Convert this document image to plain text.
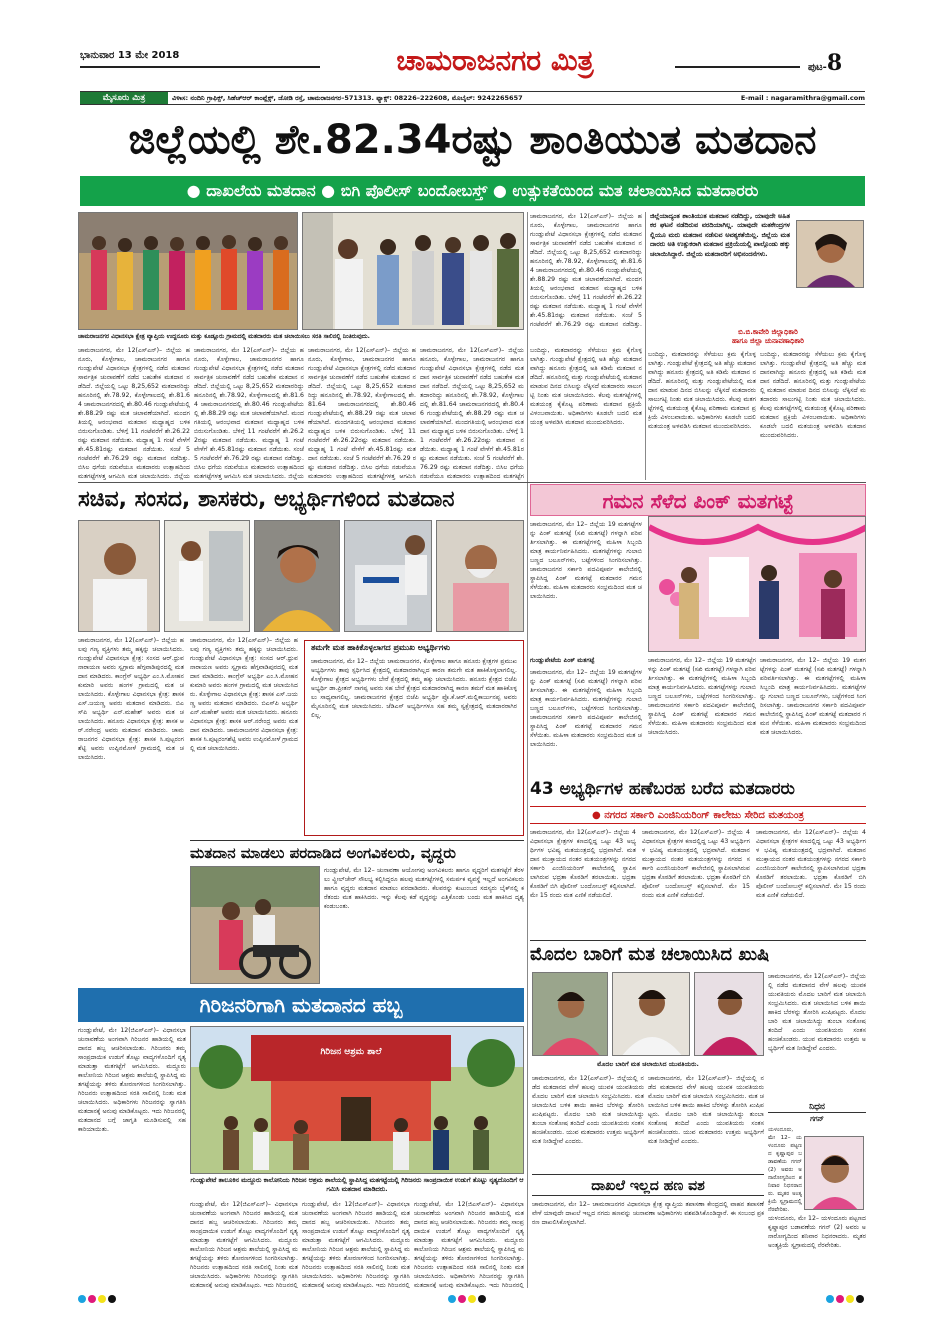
ಭಾನುವಾರ 13 ಮೇ 2018	ಚಾಮರಾಜನಗರ ಮಿತ್ರ	ಪುಟ-8
ಮೈಸೂರು ಮಿತ್ರ	ವಿಳಾಸ: ನಂದಿನಿ ಗ್ರಾಫಿಕ್ಸ್, ಸಿಹೆಚ್‌ಆರ್ ಕಾಂಪ್ಲೆಕ್ಸ್, ಜೋಡಿ ರಸ್ತೆ, ಚಾಮರಾಜನಗರ–571313. ಫ್ಯಾಕ್ಸ್: 08226–222608, ಮೊಬೈಲ್: 9242265657	E-mail : nagaramithra@gmail.com
ಜಿಲ್ಲೆಯಲ್ಲಿ ಶೇ.82.34ರಷ್ಟು ಶಾಂತಿಯುತ ಮತದಾನ
● ದಾಖಲೆಯ ಮತದಾನ ● ಬಿಗಿ ಪೊಲೀಸ್ ಬಂದೋಬಸ್ತ್ ● ಉತ್ಸುಕತೆಯಿಂದ ಮತ ಚಲಾಯಿಸಿದ ಮತದಾರರು
ಚಾಮರಾಜನಗರ ವಿಧಾನಸಭಾ ಕ್ಷೇತ್ರ ವ್ಯಾಪ್ತಿಯ ಉದ್ದನೂರು ಮತ್ತು ಕೂಡ್ಲೂರು ಗ್ರಾಮದಲ್ಲಿ ಮತದಾರರು ಮತ ಚಲಾಯಿಸಲು ಸರತಿ ಸಾಲಿನಲ್ಲಿ ನಿಂತಿರುವುದು.
ಚಾಮರಾಜನಗರ, ಮೇ 12(ಎಸ್‌ಎನ್)– ಜಿಲ್ಲೆಯ ಹನೂರು, ಕೊಳ್ಳೇಗಾಲ, ಚಾಮರಾಜನಗರ ಹಾಗೂ ಗುಂಡ್ಲುಪೇಟೆ ವಿಧಾನಸಭಾ ಕ್ಷೇತ್ರಗಳಲ್ಲಿ ನಡೆದ ಮತದಾನ ಸಾರ್ವತ್ರಿಕ ಚುನಾವಣೆಗೆ ನಡೆದ ಬಹುತೇಕ ಮತದಾನ ನಡೆದಿದೆ. ಜಿಲ್ಲೆಯಲ್ಲಿ ಒಟ್ಟು 8,25,652 ಮತದಾರರಿದ್ದು ಹನೂರಿನಲ್ಲಿ ಶೇ.78.92, ಕೊಳ್ಳೇಗಾಲದಲ್ಲಿ ಶೇ.81.64 ಚಾಮರಾಜನಗರದಲ್ಲಿ ಶೇ.80.46 ಗುಂಡ್ಲುಪೇಟೆಯಲ್ಲಿ ಶೇ.88.29 ರಷ್ಟು ಮತ ಚಲಾವಣೆಯಾಗಿದೆ. ಮಂದಗತಿಯಲ್ಲಿ ಆರಂಭವಾದ ಮತದಾನ ಮಧ್ಯಾಹ್ನದ ಬಳಿಕ ಬಿರುಸುಗೊಂಡಿತು. ಬೆಳಿಗ್ಗೆ 11 ಗಂಟೆವರೆಗೆ ಶೇ.26.22ರಷ್ಟು ಮತದಾನ ನಡೆಯಿತು. ಮಧ್ಯಾಹ್ನ 1 ಗಂಟೆ ವೇಳೆಗೆ ಶೇ.45.81ರಷ್ಟು ಮತದಾನ ನಡೆಯಿತು. ಸಂಜೆ 5 ಗಂಟೆವರೆಗೆ ಶೇ.76.29 ರಷ್ಟು ಮತದಾನ ನಡೆದಿತ್ತು. ಬಿಸಿಲ ಧಗೆಯ ನಡುವೆಯೂ ಮತದಾರರು ಉತ್ಸಾಹದಿಂದ ಮತಗಟ್ಟೆಗಳತ್ತ ಆಗಮಿಸಿ ಮತ ಚಲಾಯಿಸಿದರು. ಜಿಲ್ಲೆಯ
ಚಾಮರಾಜನಗರ, ಮೇ 12(ಎಸ್‌ಎನ್)– ಜಿಲ್ಲೆಯ ಹನೂರು, ಕೊಳ್ಳೇಗಾಲ, ಚಾಮರಾಜನಗರ ಹಾಗೂ ಗುಂಡ್ಲುಪೇಟೆ ವಿಧಾನಸಭಾ ಕ್ಷೇತ್ರಗಳಲ್ಲಿ ನಡೆದ ಮತದಾನ ಸಾರ್ವತ್ರಿಕ ಚುನಾವಣೆಗೆ ನಡೆದ ಬಹುತೇಕ ಮತದಾನ ನಡೆದಿದೆ. ಜಿಲ್ಲೆಯಲ್ಲಿ ಒಟ್ಟು 8,25,652 ಮತದಾರರಿದ್ದು ಹನೂರಿನಲ್ಲಿ ಶೇ.78.92, ಕೊಳ್ಳೇಗಾಲದಲ್ಲಿ ಶೇ.81.64 ಚಾಮರಾಜನಗರದಲ್ಲಿ ಶೇ.80.46 ಗುಂಡ್ಲುಪೇಟೆಯಲ್ಲಿ ಶೇ.88.29 ರಷ್ಟು ಮತ ಚಲಾವಣೆಯಾಗಿದೆ. ಮಂದಗತಿಯಲ್ಲಿ ಆರಂಭವಾದ ಮತದಾನ ಮಧ್ಯಾಹ್ನದ ಬಳಿಕ ಬಿರುಸುಗೊಂಡಿತು. ಬೆಳಿಗ್ಗೆ 11 ಗಂಟೆವರೆಗೆ ಶೇ.26.22ರಷ್ಟು ಮತದಾನ ನಡೆಯಿತು. ಮಧ್ಯಾಹ್ನ 1 ಗಂಟೆ ವೇಳೆಗೆ ಶೇ.45.81ರಷ್ಟು ಮತದಾನ ನಡೆಯಿತು. ಸಂಜೆ 5 ಗಂಟೆವರೆಗೆ ಶೇ.76.29 ರಷ್ಟು ಮತದಾನ ನಡೆದಿತ್ತು. ಬಿಸಿಲ ಧಗೆಯ ನಡುವೆಯೂ ಮತದಾರರು ಉತ್ಸಾಹದಿಂದ ಮತಗಟ್ಟೆಗಳತ್ತ ಆಗಮಿಸಿ ಮತ ಚಲಾಯಿಸಿದರು. ಜಿಲ್ಲೆಯ
ಚಾಮರಾಜನಗರ, ಮೇ 12(ಎಸ್‌ಎನ್)– ಜಿಲ್ಲೆಯ ಹನೂರು, ಕೊಳ್ಳೇಗಾಲ, ಚಾಮರಾಜನಗರ ಹಾಗೂ ಗುಂಡ್ಲುಪೇಟೆ ವಿಧಾನಸಭಾ ಕ್ಷೇತ್ರಗಳಲ್ಲಿ ನಡೆದ ಮತದಾನ ಸಾರ್ವತ್ರಿಕ ಚುನಾವಣೆಗೆ ನಡೆದ ಬಹುತೇಕ ಮತದಾನ ನಡೆದಿದೆ. ಜಿಲ್ಲೆಯಲ್ಲಿ ಒಟ್ಟು 8,25,652 ಮತದಾರರಿದ್ದು ಹನೂರಿನಲ್ಲಿ ಶೇ.78.92, ಕೊಳ್ಳೇಗಾಲದಲ್ಲಿ ಶೇ.81.64 ಚಾಮರಾಜನಗರದಲ್ಲಿ ಶೇ.80.46 ಗುಂಡ್ಲುಪೇಟೆಯಲ್ಲಿ ಶೇ.88.29 ರಷ್ಟು ಮತ ಚಲಾವಣೆಯಾಗಿದೆ. ಮಂದಗತಿಯಲ್ಲಿ ಆರಂಭವಾದ ಮತದಾನ ಮಧ್ಯಾಹ್ನದ ಬಳಿಕ ಬಿರುಸುಗೊಂಡಿತು. ಬೆಳಿಗ್ಗೆ 11 ಗಂಟೆವರೆಗೆ ಶೇ.26.22ರಷ್ಟು ಮತದಾನ ನಡೆಯಿತು. ಮಧ್ಯಾಹ್ನ 1 ಗಂಟೆ ವೇಳೆಗೆ ಶೇ.45.81ರಷ್ಟು ಮತದಾನ ನಡೆಯಿತು. ಸಂಜೆ 5 ಗಂಟೆವರೆಗೆ ಶೇ.76.29 ರಷ್ಟು ಮತದಾನ ನಡೆದಿತ್ತು. ಬಿಸಿಲ ಧಗೆಯ ನಡುವೆಯೂ ಮತದಾರರು ಉತ್ಸಾಹದಿಂದ ಮತಗಟ್ಟೆಗಳತ್ತ ಆಗಮಿಸಿ
ಚಾಮರಾಜನಗರ, ಮೇ 12(ಎಸ್‌ಎನ್)– ಜಿಲ್ಲೆಯ ಹನೂರು, ಕೊಳ್ಳೇಗಾಲ, ಚಾಮರಾಜನಗರ ಹಾಗೂ ಗುಂಡ್ಲುಪೇಟೆ ವಿಧಾನಸಭಾ ಕ್ಷೇತ್ರಗಳಲ್ಲಿ ನಡೆದ ಮತದಾನ ಸಾರ್ವತ್ರಿಕ ಚುನಾವಣೆಗೆ ನಡೆದ ಬಹುತೇಕ ಮತದಾನ ನಡೆದಿದೆ. ಜಿಲ್ಲೆಯಲ್ಲಿ ಒಟ್ಟು 8,25,652 ಮತದಾರರಿದ್ದು ಹನೂರಿನಲ್ಲಿ ಶೇ.78.92, ಕೊಳ್ಳೇಗಾಲದಲ್ಲಿ ಶೇ.81.64 ಚಾಮರಾಜನಗರದಲ್ಲಿ ಶೇ.80.46 ಗುಂಡ್ಲುಪೇಟೆಯಲ್ಲಿ ಶೇ.88.29 ರಷ್ಟು ಮತ ಚಲಾವಣೆಯಾಗಿದೆ. ಮಂದಗತಿಯಲ್ಲಿ ಆರಂಭವಾದ ಮತದಾನ ಮಧ್ಯಾಹ್ನದ ಬಳಿಕ ಬಿರುಸುಗೊಂಡಿತು. ಬೆಳಿಗ್ಗೆ 11 ಗಂಟೆವರೆಗೆ ಶೇ.26.22ರಷ್ಟು ಮತದಾನ ನಡೆಯಿತು. ಮಧ್ಯಾಹ್ನ 1 ಗಂಟೆ ವೇಳೆಗೆ ಶೇ.45.81ರಷ್ಟು ಮತದಾನ ನಡೆಯಿತು. ಸಂಜೆ 5 ಗಂಟೆವರೆಗೆ ಶೇ.76.29 ರಷ್ಟು ಮತದಾನ ನಡೆದಿತ್ತು. ಬಿಸಿಲ ಧಗೆಯ ನಡುವೆಯೂ ಮತದಾರರು ಉತ್ಸಾಹದಿಂದ ಮತಗಟ್ಟೆಗ
ಚಾಮರಾಜನಗರ, ಮೇ 12(ಎಸ್‌ಎನ್)– ಜಿಲ್ಲೆಯ ಹನೂರು, ಕೊಳ್ಳೇಗಾಲ, ಚಾಮರಾಜನಗರ ಹಾಗೂ ಗುಂಡ್ಲುಪೇಟೆ ವಿಧಾನಸಭಾ ಕ್ಷೇತ್ರಗಳಲ್ಲಿ ನಡೆದ ಮತದಾನ ಸಾರ್ವತ್ರಿಕ ಚುನಾವಣೆಗೆ ನಡೆದ ಬಹುತೇಕ ಮತದಾನ ನಡೆದಿದೆ. ಜಿಲ್ಲೆಯಲ್ಲಿ ಒಟ್ಟು 8,25,652 ಮತದಾರರಿದ್ದು ಹನೂರಿನಲ್ಲಿ ಶೇ.78.92, ಕೊಳ್ಳೇಗಾಲದಲ್ಲಿ ಶೇ.81.64 ಚಾಮರಾಜನಗರದಲ್ಲಿ ಶೇ.80.46 ಗುಂಡ್ಲುಪೇಟೆಯಲ್ಲಿ ಶೇ.88.29 ರಷ್ಟು ಮತ ಚಲಾವಣೆಯಾಗಿದೆ. ಮಂದಗತಿಯಲ್ಲಿ ಆರಂಭವಾದ ಮತದಾನ ಮಧ್ಯಾಹ್ನದ ಬಳಿಕ ಬಿರುಸುಗೊಂಡಿತು. ಬೆಳಿಗ್ಗೆ 11 ಗಂಟೆವರೆಗೆ ಶೇ.26.22ರಷ್ಟು ಮತದಾನ ನಡೆಯಿತು. ಮಧ್ಯಾಹ್ನ 1 ಗಂಟೆ ವೇಳೆಗೆ ಶೇ.45.81ರಷ್ಟು ಮತದಾನ ನಡೆಯಿತು. ಸಂಜೆ 5 ಗಂಟೆವರೆಗೆ ಶೇ.76.29 ರಷ್ಟು ಮತದಾನ ನಡೆದಿತ್ತು.
ಜಿಲ್ಲೆಯಾದ್ಯಂತ ಶಾಂತಿಯುತ ಮತದಾನ ನಡೆದಿದ್ದು, ಯಾವುದೇ ಅಹಿತಕರ ಘಟನೆ ನಡೆದಿರುವ ವರದಿಯಾಗಿಲ್ಲ. ಯಾವುದೇ ಮತಕೇಂದ್ರಗಳಲ್ಲಿಯೂ ಮರು ಮತದಾನ ನಡೆಸುವ ಅವಶ್ಯಕತೆಯಿಲ್ಲ. ಜಿಲ್ಲೆಯ ಮತದಾರರು ಅತಿ ಉತ್ಸುಕರಾಗಿ ಮತದಾನ ಪ್ರಕ್ರಿಯೆಯಲ್ಲಿ ಪಾಲ್ಗೊಂಡು ಹಕ್ಕು ಚಲಾಯಿಸಿದ್ದಾರೆ. ಜಿಲ್ಲೆಯ ಮತದಾರರಿಗೆ ಅಭಿನಂದನೆಗಳು.
ಬಿ.ಬಿ.ಕಾವೇರಿ ಜಿಲ್ಲಾಧಿಕಾರಿ
ಹಾಗೂ ಜಿಲ್ಲಾ ಚುನಾವಣಾಧಿಕಾರಿ
ಬಂದಿದ್ದು, ಮತದಾರರನ್ನು ಸೆಳೆಯಲು ಕ್ರಮ ಕೈಗೊಳ್ಳಲಾಗಿತ್ತು. ಗುಂಡ್ಲುಪೇಟೆ ಕ್ಷೇತ್ರದಲ್ಲಿ ಅತಿ ಹೆಚ್ಚು ಮತದಾನವಾಗಿದ್ದು ಹನೂರು ಕ್ಷೇತ್ರದಲ್ಲಿ ಅತಿ ಕಡಿಮೆ ಮತದಾನ ನಡೆದಿದೆ. ಹನೂರಿನಲ್ಲಿ ಮತ್ತು ಗುಂಡ್ಲುಪೇಟೆಯಲ್ಲಿ ಮತದಾನ ಮಾಡುವ ದಿನದ ಬಿಸಿಲನ್ನು ಲೆಕ್ಕಿಸದೆ ಮತದಾರರು ಸಾಲುಗಟ್ಟಿ ನಿಂತು ಮತ ಚಲಾಯಿಸಿದರು. ಕೆಲವು ಮತಗಟ್ಟೆಗಳಲ್ಲಿ ಮತಯಂತ್ರ ಕೈಕೊಟ್ಟ ಪರಿಣಾಮ ಮತದಾನ ಪ್ರಕ್ರಿಯೆ ವಿಳಂಬವಾಯಿತು. ಅಧಿಕಾರಿಗಳು ಕೂಡಲೇ ಬದಲಿ ಮತಯಂತ್ರ ಅಳವಡಿಸಿ ಮತದಾನ ಮುಂದುವರಿಸಿದರು.
ಬಂದಿದ್ದು, ಮತದಾರರನ್ನು ಸೆಳೆಯಲು ಕ್ರಮ ಕೈಗೊಳ್ಳಲಾಗಿತ್ತು. ಗುಂಡ್ಲುಪೇಟೆ ಕ್ಷೇತ್ರದಲ್ಲಿ ಅತಿ ಹೆಚ್ಚು ಮತದಾನವಾಗಿದ್ದು ಹನೂರು ಕ್ಷೇತ್ರದಲ್ಲಿ ಅತಿ ಕಡಿಮೆ ಮತದಾನ ನಡೆದಿದೆ. ಹನೂರಿನಲ್ಲಿ ಮತ್ತು ಗುಂಡ್ಲುಪೇಟೆಯಲ್ಲಿ ಮತದಾನ ಮಾಡುವ ದಿನದ ಬಿಸಿಲನ್ನು ಲೆಕ್ಕಿಸದೆ ಮತದಾರರು ಸಾಲುಗಟ್ಟಿ ನಿಂತು ಮತ ಚಲಾಯಿಸಿದರು. ಕೆಲವು ಮತಗಟ್ಟೆಗಳಲ್ಲಿ ಮತಯಂತ್ರ ಕೈಕೊಟ್ಟ ಪರಿಣಾಮ ಮತದಾನ ಪ್ರಕ್ರಿಯೆ ವಿಳಂಬವಾಯಿತು. ಅಧಿಕಾರಿಗಳು ಕೂಡಲೇ ಬದಲಿ ಮತಯಂತ್ರ ಅಳವಡಿಸಿ ಮತದಾನ ಮುಂದುವರಿಸಿದರು.
ಬಂದಿದ್ದು, ಮತದಾರರನ್ನು ಸೆಳೆಯಲು ಕ್ರಮ ಕೈಗೊಳ್ಳಲಾಗಿತ್ತು. ಗುಂಡ್ಲುಪೇಟೆ ಕ್ಷೇತ್ರದಲ್ಲಿ ಅತಿ ಹೆಚ್ಚು ಮತದಾನವಾಗಿದ್ದು ಹನೂರು ಕ್ಷೇತ್ರದಲ್ಲಿ ಅತಿ ಕಡಿಮೆ ಮತದಾನ ನಡೆದಿದೆ. ಹನೂರಿನಲ್ಲಿ ಮತ್ತು ಗುಂಡ್ಲುಪೇಟೆಯಲ್ಲಿ ಮತದಾನ ಮಾಡುವ ದಿನದ ಬಿಸಿಲನ್ನು ಲೆಕ್ಕಿಸದೆ ಮತದಾರರು ಸಾಲುಗಟ್ಟಿ ನಿಂತು ಮತ ಚಲಾಯಿಸಿದರು. ಕೆಲವು ಮತಗಟ್ಟೆಗಳಲ್ಲಿ ಮತಯಂತ್ರ ಕೈಕೊಟ್ಟ ಪರಿಣಾಮ ಮತದಾನ ಪ್ರಕ್ರಿಯೆ ವಿಳಂಬವಾಯಿತು. ಅಧಿಕಾರಿಗಳು ಕೂಡಲೇ ಬದಲಿ ಮತಯಂತ್ರ ಅಳವಡಿಸಿ ಮತದಾನ ಮುಂದುವರಿಸಿದರು.
ಸಚಿವ, ಸಂಸದ, ಶಾಸಕರು, ಅಭ್ಯರ್ಥಿಗಳಿಂದ ಮತದಾನ
ಚಾಮರಾಜನಗರ, ಮೇ 12(ಎಸ್‌ಎನ್)– ಜಿಲ್ಲೆಯ ಹಲವು ಗಣ್ಯ ವ್ಯಕ್ತಿಗಳು ತಮ್ಮ ಹಕ್ಕನ್ನು ಚಲಾಯಿಸಿದರು. ಗುಂಡ್ಲುಪೇಟೆ ವಿಧಾನಸಭಾ ಕ್ಷೇತ್ರ: ಸಂಸದ ಆರ್.ಧ್ರುವನಾರಾಯಣ ಅವರು ಸ್ವಗ್ರಾಮ ಹೆಗ್ಗವಾಡಿಪುರದಲ್ಲಿ ಮತದಾನ ಮಾಡಿದರು. ಕಾಂಗ್ರೆಸ್ ಅಭ್ಯರ್ಥಿ ಎಂ.ಸಿ.ಮೋಹನಕುಮಾರಿ ಅವರು ಹಂಗಳ ಗ್ರಾಮದಲ್ಲಿ ಮತ ಚಲಾಯಿಸಿದರು. ಕೊಳ್ಳೇಗಾಲ ವಿಧಾನಸಭಾ ಕ್ಷೇತ್ರ: ಶಾಸಕ ಎಸ್.ಜಯಣ್ಣ ಅವರು ಮತದಾನ ಮಾಡಿದರು. ಬಿಎಸ್‌ಪಿ ಅಭ್ಯರ್ಥಿ ಎನ್.ಮಹೇಶ್ ಅವರು ಮತ ಚಲಾಯಿಸಿದರು. ಹನೂರು ವಿಧಾನಸಭಾ ಕ್ಷೇತ್ರ: ಶಾಸಕ ಆರ್.ನರೇಂದ್ರ ಅವರು ಮತದಾನ ಮಾಡಿದರು. ಚಾಮರಾಜನಗರ ವಿಧಾನಸಭಾ ಕ್ಷೇತ್ರ: ಶಾಸಕ ಸಿ.ಪುಟ್ಟರಂಗಶೆಟ್ಟಿ ಅವರು ಉಪ್ಪಿನಮೋಳೆ ಗ್ರಾಮದಲ್ಲಿ ಮತ ಚಲಾಯಿಸಿದರು.
ಚಾಮರಾಜನಗರ, ಮೇ 12(ಎಸ್‌ಎನ್)– ಜಿಲ್ಲೆಯ ಹಲವು ಗಣ್ಯ ವ್ಯಕ್ತಿಗಳು ತಮ್ಮ ಹಕ್ಕನ್ನು ಚಲಾಯಿಸಿದರು. ಗುಂಡ್ಲುಪೇಟೆ ವಿಧಾನಸಭಾ ಕ್ಷೇತ್ರ: ಸಂಸದ ಆರ್.ಧ್ರುವನಾರಾಯಣ ಅವರು ಸ್ವಗ್ರಾಮ ಹೆಗ್ಗವಾಡಿಪುರದಲ್ಲಿ ಮತದಾನ ಮಾಡಿದರು. ಕಾಂಗ್ರೆಸ್ ಅಭ್ಯರ್ಥಿ ಎಂ.ಸಿ.ಮೋಹನಕುಮಾರಿ ಅವರು ಹಂಗಳ ಗ್ರಾಮದಲ್ಲಿ ಮತ ಚಲಾಯಿಸಿದರು. ಕೊಳ್ಳೇಗಾಲ ವಿಧಾನಸಭಾ ಕ್ಷೇತ್ರ: ಶಾಸಕ ಎಸ್.ಜಯಣ್ಣ ಅವರು ಮತದಾನ ಮಾಡಿದರು. ಬಿಎಸ್‌ಪಿ ಅಭ್ಯರ್ಥಿ ಎನ್.ಮಹೇಶ್ ಅವರು ಮತ ಚಲಾಯಿಸಿದರು. ಹನೂರು ವಿಧಾನಸಭಾ ಕ್ಷೇತ್ರ: ಶಾಸಕ ಆರ್.ನರೇಂದ್ರ ಅವರು ಮತದಾನ ಮಾಡಿದರು. ಚಾಮರಾಜನಗರ ವಿಧಾನಸಭಾ ಕ್ಷೇತ್ರ: ಶಾಸಕ ಸಿ.ಪುಟ್ಟರಂಗಶೆಟ್ಟಿ ಅವರು ಉಪ್ಪಿನಮೋಳೆ ಗ್ರಾಮದಲ್ಲಿ ಮತ ಚಲಾಯಿಸಿದರು.
ತಮಗೇ ಮತ ಹಾಕಿಕೊಳ್ಳಲಾಗದ ಪ್ರಮುಖ ಅಭ್ಯರ್ಥಿಗಳು
ಚಾಮರಾಜನಗರ, ಮೇ 12– ಜಿಲ್ಲೆಯ ಚಾಮರಾಜನಗರ, ಕೊಳ್ಳೇಗಾಲ ಹಾಗೂ ಹನೂರು ಕ್ಷೇತ್ರಗಳ ಪ್ರಮುಖ ಅಭ್ಯರ್ಥಿಗಳು ತಾವು ಸ್ಪರ್ಧಿಸಿದ ಕ್ಷೇತ್ರದಲ್ಲಿ ಮತದಾರರಾಗಿಲ್ಲದ ಕಾರಣ ತಮಗೇ ಮತ ಹಾಕಿಕೊಳ್ಳಲಾಗಲಿಲ್ಲ. ಕೊಳ್ಳೇಗಾಲ ಕ್ಷೇತ್ರದ ಅಭ್ಯರ್ಥಿಗಳು ಬೇರೆ ಕ್ಷೇತ್ರದಲ್ಲಿ ತಮ್ಮ ಹಕ್ಕು ಚಲಾಯಿಸಿದರು. ಹನೂರು ಕ್ಷೇತ್ರದ ಬಿಜೆಪಿ ಅಭ್ಯರ್ಥಿ ಡಾ.ಪ್ರೀತನ್ ನಾಗಪ್ಪ ಅವರು ಸಹ ಬೇರೆ ಕ್ಷೇತ್ರದ ಮತದಾರರಾಗಿದ್ದ ಕಾರಣ ತಮಗೆ ಮತ ಹಾಕಿಕೊಳ್ಳಲು ಸಾಧ್ಯವಾಗಲಿಲ್ಲ. ಚಾಮರಾಜನಗರ ಕ್ಷೇತ್ರದ ಬಿಜೆಪಿ ಅಭ್ಯರ್ಥಿ ಪ್ರೊ.ಕೆ.ಆರ್.ಮಲ್ಲಿಕಾರ್ಜುನಪ್ಪ ಅವರು ಮೈಸೂರಿನಲ್ಲಿ ಮತ ಚಲಾಯಿಸಿದರು. ಜೆಡಿಎಸ್ ಅಭ್ಯರ್ಥಿಗಳೂ ಸಹ ತಮ್ಮ ಸ್ವಕ್ಷೇತ್ರದಲ್ಲಿ ಮತದಾರರಾಗಿರಲಿಲ್ಲ.
ಗಮನ ಸೆಳೆದ ಪಿಂಕ್ ಮತಗಟ್ಟೆ
ಚಾಮರಾಜನಗರ, ಮೇ 12– ಜಿಲ್ಲೆಯ 19 ಮತಗಟ್ಟೆಗಳನ್ನು ಪಿಂಕ್ ಮತಗಟ್ಟೆ (ಸಖಿ ಮತಗಟ್ಟೆ) ಗಳನ್ನಾಗಿ ಪರಿವರ್ತಿಸಲಾಗಿತ್ತು. ಈ ಮತಗಟ್ಟೆಗಳಲ್ಲಿ ಮಹಿಳಾ ಸಿಬ್ಬಂದಿ ಮಾತ್ರ ಕಾರ್ಯನಿರ್ವಹಿಸಿದರು. ಮತಗಟ್ಟೆಗಳನ್ನು ಗುಲಾಬಿ ಬಣ್ಣದ ಬಲೂನ್‌ಗಳು, ಬಟ್ಟೆಗಳಿಂದ ಸಿಂಗರಿಸಲಾಗಿತ್ತು. ಚಾಮರಾಜನಗರ ಸರ್ಕಾರಿ ಪದವಿಪೂರ್ವ ಕಾಲೇಜಿನಲ್ಲಿ ಸ್ಥಾಪಿಸಿದ್ದ ಪಿಂಕ್ ಮತಗಟ್ಟೆ ಮತದಾರರ ಗಮನ ಸೆಳೆಯಿತು. ಮಹಿಳಾ ಮತದಾರರು ಸಂಭ್ರಮದಿಂದ ಮತ ಚಲಾಯಿಸಿದರು.
ಗುಂಡ್ಲುಪೇಟೆಯ ಪಿಂಕ್ ಮತಗಟ್ಟೆ
ಚಾಮರಾಜನಗರ, ಮೇ 12– ಜಿಲ್ಲೆಯ 19 ಮತಗಟ್ಟೆಗಳನ್ನು ಪಿಂಕ್ ಮತಗಟ್ಟೆ (ಸಖಿ ಮತಗಟ್ಟೆ) ಗಳನ್ನಾಗಿ ಪರಿವರ್ತಿಸಲಾಗಿತ್ತು. ಈ ಮತಗಟ್ಟೆಗಳಲ್ಲಿ ಮಹಿಳಾ ಸಿಬ್ಬಂದಿ ಮಾತ್ರ ಕಾರ್ಯನಿರ್ವಹಿಸಿದರು. ಮತಗಟ್ಟೆಗಳನ್ನು ಗುಲಾಬಿ ಬಣ್ಣದ ಬಲೂನ್‌ಗಳು, ಬಟ್ಟೆಗಳಿಂದ ಸಿಂಗರಿಸಲಾಗಿತ್ತು. ಚಾಮರಾಜನಗರ ಸರ್ಕಾರಿ ಪದವಿಪೂರ್ವ ಕಾಲೇಜಿನಲ್ಲಿ ಸ್ಥಾಪಿಸಿದ್ದ ಪಿಂಕ್ ಮತಗಟ್ಟೆ ಮತದಾರರ ಗಮನ ಸೆಳೆಯಿತು. ಮಹಿಳಾ ಮತದಾರರು ಸಂಭ್ರಮದಿಂದ ಮತ ಚಲಾಯಿಸಿದರು.
ಚಾಮರಾಜನಗರ, ಮೇ 12– ಜಿಲ್ಲೆಯ 19 ಮತಗಟ್ಟೆಗಳನ್ನು ಪಿಂಕ್ ಮತಗಟ್ಟೆ (ಸಖಿ ಮತಗಟ್ಟೆ) ಗಳನ್ನಾಗಿ ಪರಿವರ್ತಿಸಲಾಗಿತ್ತು. ಈ ಮತಗಟ್ಟೆಗಳಲ್ಲಿ ಮಹಿಳಾ ಸಿಬ್ಬಂದಿ ಮಾತ್ರ ಕಾರ್ಯನಿರ್ವಹಿಸಿದರು. ಮತಗಟ್ಟೆಗಳನ್ನು ಗುಲಾಬಿ ಬಣ್ಣದ ಬಲೂನ್‌ಗಳು, ಬಟ್ಟೆಗಳಿಂದ ಸಿಂಗರಿಸಲಾಗಿತ್ತು. ಚಾಮರಾಜನಗರ ಸರ್ಕಾರಿ ಪದವಿಪೂರ್ವ ಕಾಲೇಜಿನಲ್ಲಿ ಸ್ಥಾಪಿಸಿದ್ದ ಪಿಂಕ್ ಮತಗಟ್ಟೆ ಮತದಾರರ ಗಮನ ಸೆಳೆಯಿತು. ಮಹಿಳಾ ಮತದಾರರು ಸಂಭ್ರಮದಿಂದ ಮತ ಚಲಾಯಿಸಿದರು.
ಚಾಮರಾಜನಗರ, ಮೇ 12– ಜಿಲ್ಲೆಯ 19 ಮತಗಟ್ಟೆಗಳನ್ನು ಪಿಂಕ್ ಮತಗಟ್ಟೆ (ಸಖಿ ಮತಗಟ್ಟೆ) ಗಳನ್ನಾಗಿ ಪರಿವರ್ತಿಸಲಾಗಿತ್ತು. ಈ ಮತಗಟ್ಟೆಗಳಲ್ಲಿ ಮಹಿಳಾ ಸಿಬ್ಬಂದಿ ಮಾತ್ರ ಕಾರ್ಯನಿರ್ವಹಿಸಿದರು. ಮತಗಟ್ಟೆಗಳನ್ನು ಗುಲಾಬಿ ಬಣ್ಣದ ಬಲೂನ್‌ಗಳು, ಬಟ್ಟೆಗಳಿಂದ ಸಿಂಗರಿಸಲಾಗಿತ್ತು. ಚಾಮರಾಜನಗರ ಸರ್ಕಾರಿ ಪದವಿಪೂರ್ವ ಕಾಲೇಜಿನಲ್ಲಿ ಸ್ಥಾಪಿಸಿದ್ದ ಪಿಂಕ್ ಮತಗಟ್ಟೆ ಮತದಾರರ ಗಮನ ಸೆಳೆಯಿತು. ಮಹಿಳಾ ಮತದಾರರು ಸಂಭ್ರಮದಿಂದ ಮತ ಚಲಾಯಿಸಿದರು.
43 ಅಭ್ಯರ್ಥಿಗಳ ಹಣೆಬರಹ ಬರೆದ ಮತದಾರರು
● ನಗರದ ಸರ್ಕಾರಿ ಎಂಜಿನಿಯರಿಂಗ್ ಕಾಲೇಜು ಸೇರಿದ ಮತಯಂತ್ರ
ಚಾಮರಾಜನಗರ, ಮೇ 12(ಎಸ್‌ಎನ್)– ಜಿಲ್ಲೆಯ 4 ವಿಧಾನಸಭಾ ಕ್ಷೇತ್ರಗಳ ಕಣದಲ್ಲಿದ್ದ ಒಟ್ಟು 43 ಅಭ್ಯರ್ಥಿಗಳ ಭವಿಷ್ಯ ಮತಯಂತ್ರದಲ್ಲಿ ಭದ್ರವಾಗಿದೆ. ಮತದಾನ ಮುಕ್ತಾಯದ ನಂತರ ಮತಯಂತ್ರಗಳನ್ನು ನಗರದ ಸರ್ಕಾರಿ ಎಂಜಿನಿಯರಿಂಗ್ ಕಾಲೇಜಿನಲ್ಲಿ ಸ್ಥಾಪಿಸಲಾಗಿರುವ ಭದ್ರತಾ ಕೊಠಡಿಗೆ ತರಲಾಯಿತು. ಭದ್ರತಾ ಕೊಠಡಿಗೆ ಬಿಗಿ ಪೊಲೀಸ್ ಬಂದೋಬಸ್ತ್ ಕಲ್ಪಿಸಲಾಗಿದೆ. ಮೇ 15 ರಂದು ಮತ ಎಣಿಕೆ ನಡೆಯಲಿದೆ.
ಚಾಮರಾಜನಗರ, ಮೇ 12(ಎಸ್‌ಎನ್)– ಜಿಲ್ಲೆಯ 4 ವಿಧಾನಸಭಾ ಕ್ಷೇತ್ರಗಳ ಕಣದಲ್ಲಿದ್ದ ಒಟ್ಟು 43 ಅಭ್ಯರ್ಥಿಗಳ ಭವಿಷ್ಯ ಮತಯಂತ್ರದಲ್ಲಿ ಭದ್ರವಾಗಿದೆ. ಮತದಾನ ಮುಕ್ತಾಯದ ನಂತರ ಮತಯಂತ್ರಗಳನ್ನು ನಗರದ ಸರ್ಕಾರಿ ಎಂಜಿನಿಯರಿಂಗ್ ಕಾಲೇಜಿನಲ್ಲಿ ಸ್ಥಾಪಿಸಲಾಗಿರುವ ಭದ್ರತಾ ಕೊಠಡಿಗೆ ತರಲಾಯಿತು. ಭದ್ರತಾ ಕೊಠಡಿಗೆ ಬಿಗಿ ಪೊಲೀಸ್ ಬಂದೋಬಸ್ತ್ ಕಲ್ಪಿಸಲಾಗಿದೆ. ಮೇ 15 ರಂದು ಮತ ಎಣಿಕೆ ನಡೆಯಲಿದೆ.
ಚಾಮರಾಜನಗರ, ಮೇ 12(ಎಸ್‌ಎನ್)– ಜಿಲ್ಲೆಯ 4 ವಿಧಾನಸಭಾ ಕ್ಷೇತ್ರಗಳ ಕಣದಲ್ಲಿದ್ದ ಒಟ್ಟು 43 ಅಭ್ಯರ್ಥಿಗಳ ಭವಿಷ್ಯ ಮತಯಂತ್ರದಲ್ಲಿ ಭದ್ರವಾಗಿದೆ. ಮತದಾನ ಮುಕ್ತಾಯದ ನಂತರ ಮತಯಂತ್ರಗಳನ್ನು ನಗರದ ಸರ್ಕಾರಿ ಎಂಜಿನಿಯರಿಂಗ್ ಕಾಲೇಜಿನಲ್ಲಿ ಸ್ಥಾಪಿಸಲಾಗಿರುವ ಭದ್ರತಾ ಕೊಠಡಿಗೆ ತರಲಾಯಿತು. ಭದ್ರತಾ ಕೊಠಡಿಗೆ ಬಿಗಿ ಪೊಲೀಸ್ ಬಂದೋಬಸ್ತ್ ಕಲ್ಪಿಸಲಾಗಿದೆ. ಮೇ 15 ರಂದು ಮತ ಎಣಿಕೆ ನಡೆಯಲಿದೆ.
ಮತದಾನ ಮಾಡಲು ಪರದಾಡಿದ ಅಂಗವಿಕಲರು, ವೃದ್ಧರು
ಗುಂಡ್ಲುಪೇಟೆ, ಮೇ 12– ಚುನಾವಣಾ ಆಯೋಗವು ಅಂಗವಿಕಲರು ಹಾಗೂ ವೃದ್ಧರಿಗೆ ಮತಗಟ್ಟೆಗೆ ತೆರಳಲು ವ್ಹೀಲ್‌ಚೇರ್ ಸೌಲಭ್ಯ ಕಲ್ಪಿಸಿದ್ದರೂ ಹಲವು ಮತಗಟ್ಟೆಗಳಲ್ಲಿ ಸಮರ್ಪಕ ವ್ಯವಸ್ಥೆ ಇಲ್ಲದೆ ಅಂಗವಿಕಲರು ಹಾಗೂ ವೃದ್ಧರು ಮತದಾನ ಮಾಡಲು ಪರದಾಡಿದರು. ಕೆಲವರನ್ನು ಕುಟುಂಬದ ಸದಸ್ಯರು ಬೈಕ್‌ನಲ್ಲಿ ಕರೆತಂದು ಮತ ಹಾಕಿಸಿದರು. ಇನ್ನು ಕೆಲವು ಕಡೆ ವೃದ್ಧರನ್ನು ಎತ್ತಿಕೊಂಡು ಬಂದು ಮತ ಹಾಕಿಸಿದ ದೃಶ್ಯ ಕಂಡುಬಂತು.
ಗಿರಿಜನರಿಗಾಗಿ ಮತದಾನದ ಹಬ್ಬ
ಗುಂಡ್ಲುಪೇಟೆ, ಮೇ 12(ಜಿಎಸ್‌ಎನ್)– ವಿಧಾನಸಭಾ ಚುನಾವಣೆಯ ಅಂಗವಾಗಿ ಗಿರಿಜನರ ಹಾಡಿಯಲ್ಲಿ ಮತದಾನದ ಹಬ್ಬ ಆಚರಿಸಲಾಯಿತು. ಗಿರಿಜನರು ತಮ್ಮ ಸಾಂಪ್ರದಾಯಿಕ ಉಡುಗೆ ತೊಟ್ಟು ವಾದ್ಯಗಳೊಂದಿಗೆ ನೃತ್ಯ ಮಾಡುತ್ತಾ ಮತಗಟ್ಟೆಗೆ ಆಗಮಿಸಿದರು. ಮದ್ದೂರು ಕಾಲೋನಿಯ ಗಿರಿಜನ ಆಶ್ರಮ ಶಾಲೆಯಲ್ಲಿ ಸ್ಥಾಪಿಸಿದ್ದ ಮತಗಟ್ಟೆಯನ್ನು ತಳಿರು ತೋರಣಗಳಿಂದ ಸಿಂಗರಿಸಲಾಗಿತ್ತು. ಗಿರಿಜನರು ಉತ್ಸಾಹದಿಂದ ಸರತಿ ಸಾಲಿನಲ್ಲಿ ನಿಂತು ಮತ ಚಲಾಯಿಸಿದರು. ಅಧಿಕಾರಿಗಳು ಗಿರಿಜನರನ್ನು ಸ್ವಾಗತಿಸಿ ಮತದಾನಕ್ಕೆ ಅನುವು ಮಾಡಿಕೊಟ್ಟರು. ಇದು ಗಿರಿಜನರಲ್ಲಿ ಮತದಾನದ ಬಗ್ಗೆ ಜಾಗೃತಿ ಮೂಡಿಸುವಲ್ಲಿ ಸಹಕಾರಿಯಾಯಿತು.
ಗಿರಿಜನ ಆಶ್ರಮ ಶಾಲೆ
ಗುಂಡ್ಲುಪೇಟೆ ತಾಲೂಕಿನ ಮದ್ದೂರು ಕಾಲೋನಿಯ ಗಿರಿಜನ ಆಶ್ರಮ ಶಾಲೆಯಲ್ಲಿ ಸ್ಥಾಪಿಸಿದ್ದ ಮತಗಟ್ಟೆಯಲ್ಲಿ ಗಿರಿಜನರು ಸಾಂಪ್ರದಾಯಿಕ ಉಡುಗೆ ತೊಟ್ಟು ನೃತ್ಯದೊಂದಿಗೆ ಆಗಮಿಸಿ ಮತದಾನ ಮಾಡಿದರು.
ಗುಂಡ್ಲುಪೇಟೆ, ಮೇ 12(ಜಿಎಸ್‌ಎನ್)– ವಿಧಾನಸಭಾ ಚುನಾವಣೆಯ ಅಂಗವಾಗಿ ಗಿರಿಜನರ ಹಾಡಿಯಲ್ಲಿ ಮತದಾನದ ಹಬ್ಬ ಆಚರಿಸಲಾಯಿತು. ಗಿರಿಜನರು ತಮ್ಮ ಸಾಂಪ್ರದಾಯಿಕ ಉಡುಗೆ ತೊಟ್ಟು ವಾದ್ಯಗಳೊಂದಿಗೆ ನೃತ್ಯ ಮಾಡುತ್ತಾ ಮತಗಟ್ಟೆಗೆ ಆಗಮಿಸಿದರು. ಮದ್ದೂರು ಕಾಲೋನಿಯ ಗಿರಿಜನ ಆಶ್ರಮ ಶಾಲೆಯಲ್ಲಿ ಸ್ಥಾಪಿಸಿದ್ದ ಮತಗಟ್ಟೆಯನ್ನು ತಳಿರು ತೋರಣಗಳಿಂದ ಸಿಂಗರಿಸಲಾಗಿತ್ತು. ಗಿರಿಜನರು ಉತ್ಸಾಹದಿಂದ ಸರತಿ ಸಾಲಿನಲ್ಲಿ ನಿಂತು ಮತ ಚಲಾಯಿಸಿದರು. ಅಧಿಕಾರಿಗಳು ಗಿರಿಜನರನ್ನು ಸ್ವಾಗತಿಸಿ ಮತದಾನಕ್ಕೆ ಅನುವು ಮಾಡಿಕೊಟ್ಟರು. ಇದು ಗಿರಿಜನರಲ್ಲಿ
ಗುಂಡ್ಲುಪೇಟೆ, ಮೇ 12(ಜಿಎಸ್‌ಎನ್)– ವಿಧಾನಸಭಾ ಚುನಾವಣೆಯ ಅಂಗವಾಗಿ ಗಿರಿಜನರ ಹಾಡಿಯಲ್ಲಿ ಮತದಾನದ ಹಬ್ಬ ಆಚರಿಸಲಾಯಿತು. ಗಿರಿಜನರು ತಮ್ಮ ಸಾಂಪ್ರದಾಯಿಕ ಉಡುಗೆ ತೊಟ್ಟು ವಾದ್ಯಗಳೊಂದಿಗೆ ನೃತ್ಯ ಮಾಡುತ್ತಾ ಮತಗಟ್ಟೆಗೆ ಆಗಮಿಸಿದರು. ಮದ್ದೂರು ಕಾಲೋನಿಯ ಗಿರಿಜನ ಆಶ್ರಮ ಶಾಲೆಯಲ್ಲಿ ಸ್ಥಾಪಿಸಿದ್ದ ಮತಗಟ್ಟೆಯನ್ನು ತಳಿರು ತೋರಣಗಳಿಂದ ಸಿಂಗರಿಸಲಾಗಿತ್ತು. ಗಿರಿಜನರು ಉತ್ಸಾಹದಿಂದ ಸರತಿ ಸಾಲಿನಲ್ಲಿ ನಿಂತು ಮತ ಚಲಾಯಿಸಿದರು. ಅಧಿಕಾರಿಗಳು ಗಿರಿಜನರನ್ನು ಸ್ವಾಗತಿಸಿ ಮತದಾನಕ್ಕೆ ಅನುವು ಮಾಡಿಕೊಟ್ಟರು. ಇದು ಗಿರಿಜನರಲ್ಲಿ
ಗುಂಡ್ಲುಪೇಟೆ, ಮೇ 12(ಜಿಎಸ್‌ಎನ್)– ವಿಧಾನಸಭಾ ಚುನಾವಣೆಯ ಅಂಗವಾಗಿ ಗಿರಿಜನರ ಹಾಡಿಯಲ್ಲಿ ಮತದಾನದ ಹಬ್ಬ ಆಚರಿಸಲಾಯಿತು. ಗಿರಿಜನರು ತಮ್ಮ ಸಾಂಪ್ರದಾಯಿಕ ಉಡುಗೆ ತೊಟ್ಟು ವಾದ್ಯಗಳೊಂದಿಗೆ ನೃತ್ಯ ಮಾಡುತ್ತಾ ಮತಗಟ್ಟೆಗೆ ಆಗಮಿಸಿದರು. ಮದ್ದೂರು ಕಾಲೋನಿಯ ಗಿರಿಜನ ಆಶ್ರಮ ಶಾಲೆಯಲ್ಲಿ ಸ್ಥಾಪಿಸಿದ್ದ ಮತಗಟ್ಟೆಯನ್ನು ತಳಿರು ತೋರಣಗಳಿಂದ ಸಿಂಗರಿಸಲಾಗಿತ್ತು. ಗಿರಿಜನರು ಉತ್ಸಾಹದಿಂದ ಸರತಿ ಸಾಲಿನಲ್ಲಿ ನಿಂತು ಮತ ಚಲಾಯಿಸಿದರು. ಅಧಿಕಾರಿಗಳು ಗಿರಿಜನರನ್ನು ಸ್ವಾಗತಿಸಿ ಮತದಾನಕ್ಕೆ ಅನುವು ಮಾಡಿಕೊಟ್ಟರು. ಇದು ಗಿರಿಜನರಲ್ಲಿ
ಮೊದಲ ಬಾರಿಗೆ ಮತ ಚಲಾಯಿಸಿದ ಖುಷಿ
ಮೊದಲ ಬಾರಿಗೆ ಮತ ಚಲಾಯಿಸಿದ ಯುವತಿಯರು.
ಚಾಮರಾಜನಗರ, ಮೇ 12(ಎಸ್‌ಎನ್)– ಜಿಲ್ಲೆಯಲ್ಲಿ ನಡೆದ ಮತದಾನದ ವೇಳೆ ಹಲವು ಯುವಕ ಯುವತಿಯರು ಮೊದಲ ಬಾರಿಗೆ ಮತ ಚಲಾಯಿಸಿ ಸಂಭ್ರಮಿಸಿದರು. ಮತ ಚಲಾಯಿಸಿದ ಬಳಿಕ ಶಾಯಿ ಹಾಕಿದ ಬೆರಳನ್ನು ತೋರಿಸಿ ಖುಷಿಪಟ್ಟರು. ಮೊದಲ ಬಾರಿ ಮತ ಚಲಾಯಿಸಿದ್ದು ತುಂಬಾ ಸಂತೋಷ ತಂದಿದೆ ಎಂದು ಯುವತಿಯರು ಸಂತಸ ಹಂಚಿಕೊಂಡರು. ಯುವ ಮತದಾರರು ಉತ್ತಮ ಅಭ್ಯರ್ಥಿಗೆ ಮತ ನೀಡಿದ್ದೇವೆ ಎಂದರು.
ಚಾಮರಾಜನಗರ, ಮೇ 12(ಎಸ್‌ಎನ್)– ಜಿಲ್ಲೆಯಲ್ಲಿ ನಡೆದ ಮತದಾನದ ವೇಳೆ ಹಲವು ಯುವಕ ಯುವತಿಯರು ಮೊದಲ ಬಾರಿಗೆ ಮತ ಚಲಾಯಿಸಿ ಸಂಭ್ರಮಿಸಿದರು. ಮತ ಚಲಾಯಿಸಿದ ಬಳಿಕ ಶಾಯಿ ಹಾಕಿದ ಬೆರಳನ್ನು ತೋರಿಸಿ ಖುಷಿಪಟ್ಟರು. ಮೊದಲ ಬಾರಿ ಮತ ಚಲಾಯಿಸಿದ್ದು ತುಂಬಾ ಸಂತೋಷ ತಂದಿದೆ ಎಂದು ಯುವತಿಯರು ಸಂತಸ ಹಂಚಿಕೊಂಡರು. ಯುವ ಮತದಾರರು ಉತ್ತಮ ಅಭ್ಯರ್ಥಿಗೆ ಮತ ನೀಡಿದ್ದೇವೆ ಎಂದರು.
ಚಾಮರಾಜನಗರ, ಮೇ 12(ಎಸ್‌ಎನ್)– ಜಿಲ್ಲೆಯಲ್ಲಿ ನಡೆದ ಮತದಾನದ ವೇಳೆ ಹಲವು ಯುವಕ ಯುವತಿಯರು ಮೊದಲ ಬಾರಿಗೆ ಮತ ಚಲಾಯಿಸಿ ಸಂಭ್ರಮಿಸಿದರು. ಮತ ಚಲಾಯಿಸಿದ ಬಳಿಕ ಶಾಯಿ ಹಾಕಿದ ಬೆರಳನ್ನು ತೋರಿಸಿ ಖುಷಿಪಟ್ಟರು. ಮೊದಲ ಬಾರಿ ಮತ ಚಲಾಯಿಸಿದ್ದು ತುಂಬಾ ಸಂತೋಷ ತಂದಿದೆ ಎಂದು ಯುವತಿಯರು ಸಂತಸ ಹಂಚಿಕೊಂಡರು. ಯುವ ಮತದಾರರು ಉತ್ತಮ ಅಭ್ಯರ್ಥಿಗೆ ಮತ ನೀಡಿದ್ದೇವೆ ಎಂದರು.
ದಾಖಲೆ ಇಲ್ಲದ ಹಣ ವಶ
ಚಾಮರಾಜನಗರ, ಮೇ 12– ಚಾಮರಾಜನಗರ ವಿಧಾನಸಭಾ ಕ್ಷೇತ್ರ ವ್ಯಾಪ್ತಿಯ ತಪಾಸಣಾ ಕೇಂದ್ರದಲ್ಲಿ ವಾಹನ ತಪಾಸಣೆ ವೇಳೆ ಯಾವುದೇ ದಾಖಲೆ ಇಲ್ಲದ ನಗದು ಹಣವನ್ನು ಚುನಾವಣಾ ಅಧಿಕಾರಿಗಳು ವಶಪಡಿಸಿಕೊಂಡಿದ್ದಾರೆ. ಈ ಸಂಬಂಧ ಪ್ರಕರಣ ದಾಖಲಿಸಿಕೊಳ್ಳಲಾಗಿದೆ.
ನಿಧನ
ಗಗನ್
ಯಳಂದೂರು, ಮೇ 12– ಯಳಂದೂರು ಪಟ್ಟಣದ ಕೃಷ್ಣಾಪುರ ಬಡಾವಣೆಯ ಗಗನ್ (2) ಅವರು ಅನಾರೋಗ್ಯದಿಂದ ಶನಿವಾರ ನಿಧನರಾದರು. ಮೃತರ ಅಂತ್ಯಕ್ರಿಯೆ ಸ್ವಗ್ರಾಮದಲ್ಲಿ ನೆರವೇರಿತು.
ಯಳಂದೂರು, ಮೇ 12– ಯಳಂದೂರು ಪಟ್ಟಣದ ಕೃಷ್ಣಾಪುರ ಬಡಾವಣೆಯ ಗಗನ್ (2) ಅವರು ಅನಾರೋಗ್ಯದಿಂದ ಶನಿವಾರ ನಿಧನರಾದರು. ಮೃತರ ಅಂತ್ಯಕ್ರಿಯೆ ಸ್ವಗ್ರಾಮದಲ್ಲಿ ನೆರವೇರಿತು.
